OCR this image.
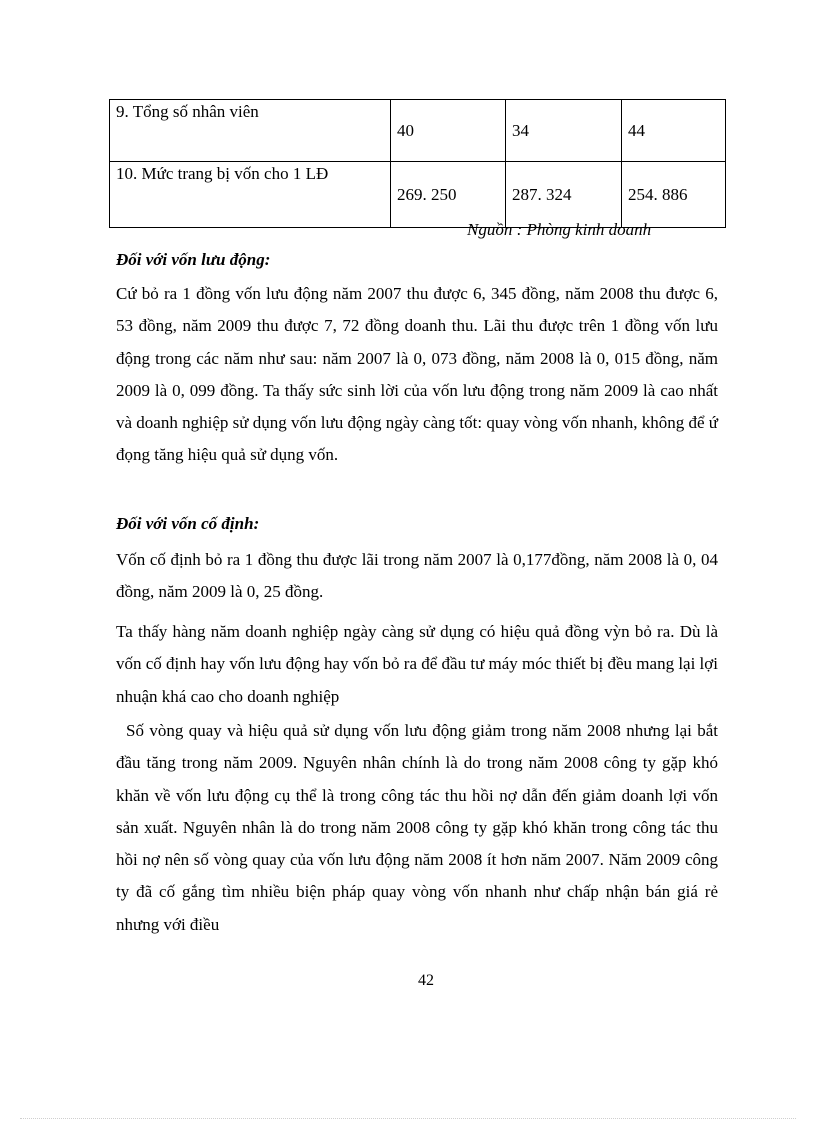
9. Tổng số nhân viên	40	34	44
10. Mức trang bị vốn cho 1 LĐ	269. 250	287. 324	254. 886
Nguồn : Phòng kinh doanh
Đối với vốn lưu động:
Cứ bỏ ra 1 đồng vốn lưu động năm 2007 thu được 6, 345 đồng, năm 2008 thu được 6, 53 đồng, năm 2009 thu được 7, 72 đồng doanh thu. Lãi thu được trên 1 đồng vốn lưu động trong các năm như sau: năm 2007 là 0, 073 đồng, năm 2008 là 0, 015 đồng, năm 2009 là 0, 099 đồng. Ta thấy sức sinh lời của vốn lưu động trong năm 2009 là cao nhất và doanh nghiệp sử dụng vốn lưu động ngày càng tốt: quay vòng vốn nhanh, không để ứ đọng tăng hiệu quả sử dụng vốn.
Đối với vốn cố định:
Vốn cố định bỏ ra 1 đồng thu được lãi trong năm 2007 là 0,177đồng, năm 2008 là 0, 04 đồng, năm 2009 là 0, 25 đồng.
Ta thấy hàng năm doanh nghiệp ngày càng sử dụng có hiệu quả đồng vỳn bỏ ra. Dù là vốn cố định hay vốn lưu động hay vốn bỏ ra để đầu tư máy móc thiết bị đều mang lại lợi nhuận khá cao cho doanh nghiệp
Số vòng quay và hiệu quả sử dụng vốn lưu động giảm trong năm 2008 nhưng lại bắt đầu tăng trong năm 2009. Nguyên nhân chính là do trong năm 2008 công ty gặp khó khăn về vốn lưu động cụ thể là trong công tác thu hồi nợ dẫn đến giảm doanh lợi vốn sản xuất. Nguyên nhân là do trong năm 2008 công ty gặp khó khăn trong công tác thu hồi nợ nên số vòng quay của vốn lưu động năm 2008 ít hơn năm 2007. Năm 2009 công ty đã cố gắng tìm nhiều biện pháp quay vòng vốn nhanh như chấp nhận bán giá rẻ nhưng với điều
42
